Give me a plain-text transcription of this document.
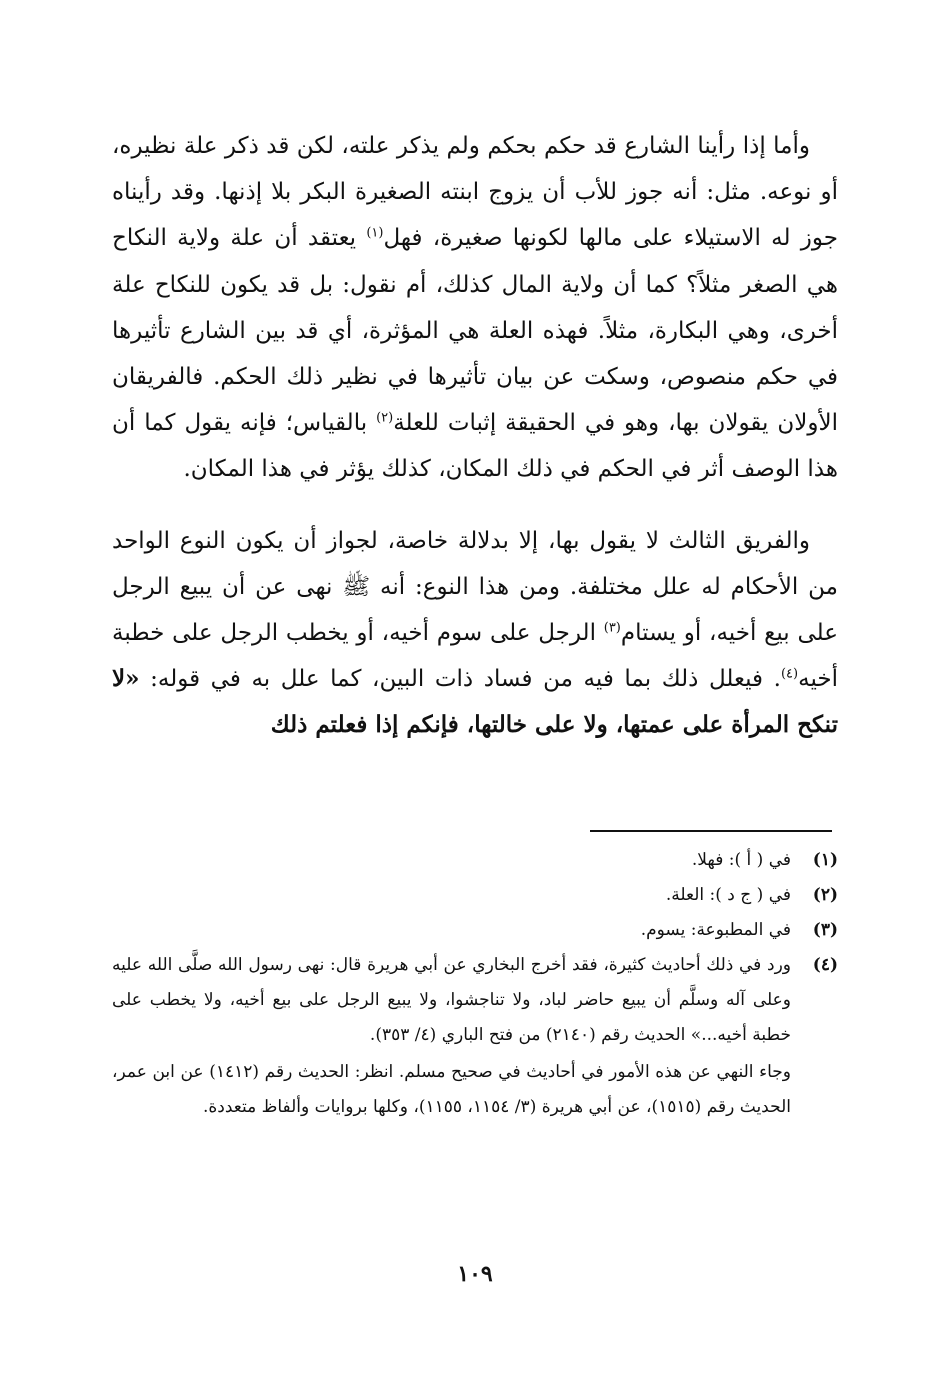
وأما إذا رأينا الشارع قد حكم بحكم ولم يذكر علته، لكن قد ذكر علة نظيره، أو نوعه. مثل: أنه جوز للأب أن يزوج ابنته الصغيرة البكر بلا إذنها. وقد رأيناه جوز له الاستيلاء على مالها لكونها صغيرة، فهل$^{(١)}$ يعتقد أن علة ولاية النكاح هي الصغر مثلاً؟ كما أن ولاية المال كذلك، أم نقول: بل قد يكون للنكاح علة أخرى، وهي البكارة، مثلاً. فهذه العلة هي المؤثرة، أي قد بين الشارع تأثيرها في حكم منصوص، وسكت عن بيان تأثيرها في نظير ذلك الحكم. فالفريقان الأولان يقولان بها، وهو في الحقيقة إثبات للعلة$^{(٢)}$ بالقياس؛ فإنه يقول كما أن هذا الوصف أثر في الحكم في ذلك المكان، كذلك يؤثر في هذا المكان.

والفريق الثالث لا يقول بها، إلا بدلالة خاصة، لجواز أن يكون النوع الواحد من الأحكام له علل مختلفة. ومن هذا النوع: أنه ﷺ نهى عن أن يبيع الرجل على بيع أخيه، أو يستام$^{(٣)}$ الرجل على سوم أخيه، أو يخطب الرجل على خطبة أخيه$^{(٤)}$. فيعلل ذلك بما فيه من فساد ذات البين، كما علل به في قوله: «لا تنكح المرأة على عمتها، ولا على خالتها، فإنكم إذا فعلتم ذلك

(١)
في ( أ ): فهلا.
(٢)
في ( ج د ): العلة.
(٣)
في المطبوعة: يسوم.
(٤)
ورد في ذلك أحاديث كثيرة، فقد أخرج البخاري عن أبي هريرة قال: نهى رسول الله صلَّى الله عليه وعلى آله وسلَّم أن يبيع حاضر لباد، ولا تناجشوا، ولا يبيع الرجل على بيع أخيه، ولا يخطب على خطبة أخيه...» الحديث رقم (٢١٤٠) من فتح الباري (٤/ ٣٥٣).
وجاء النهي عن هذه الأمور في أحاديث في صحيح مسلم. انظر: الحديث رقم (١٤١٢) عن ابن عمر، الحديث رقم (١٥١٥)، عن أبي هريرة (٣/ ١١٥٤، ١١٥٥)، وكلها بروايات وألفاظ متعددة.
١٠٩
